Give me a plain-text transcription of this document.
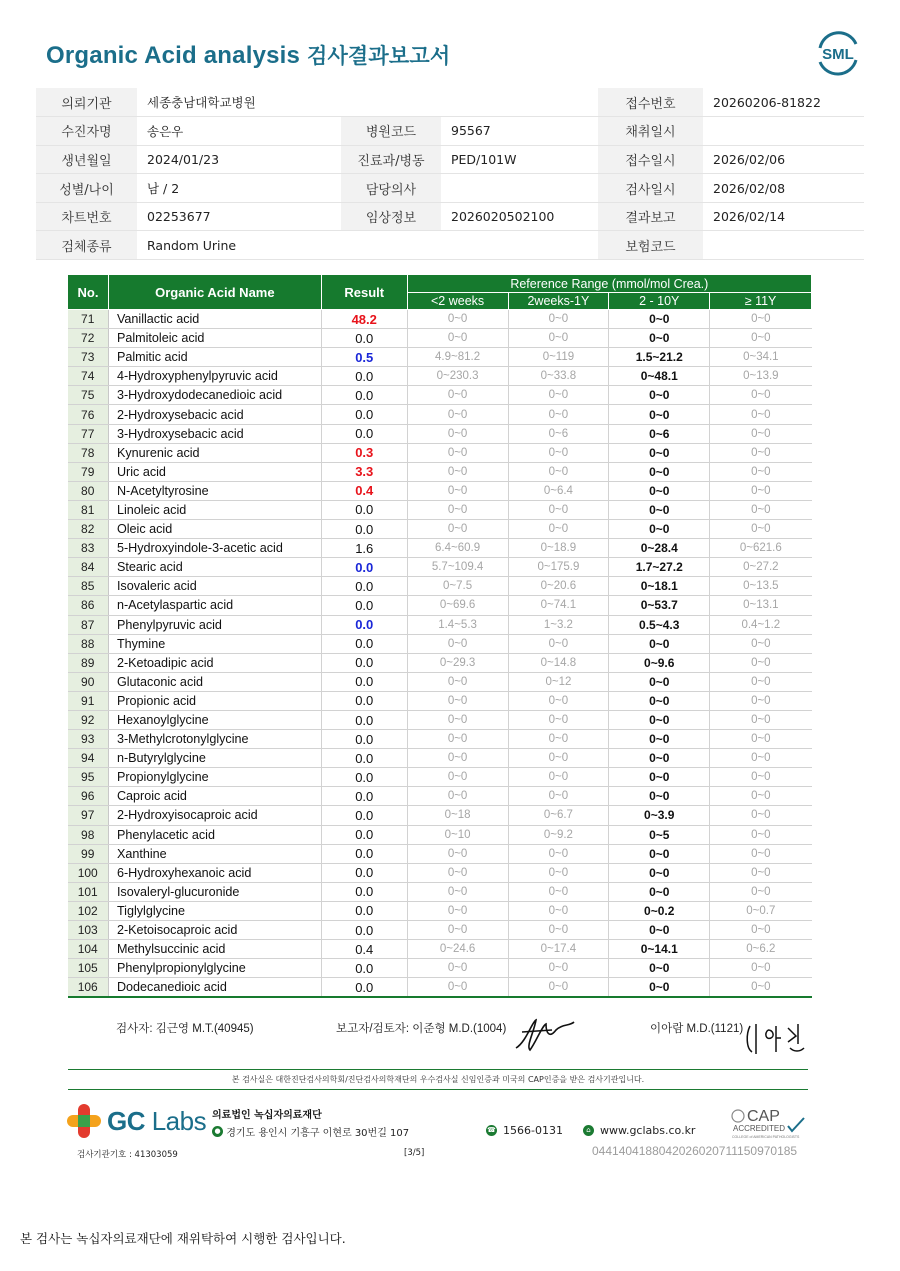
Organic Acid analysis 검사결과보고서	SML
의뢰기관	세종충남대학교병원			접수번호	20260206-81822
수진자명	송은우	병원코드	95567	채취일시	
생년월일	2024/01/23	진료과/병동	PED/101W	접수일시	2026/02/06
성별/나이	남 / 2	담당의사		검사일시	2026/02/08
차트번호	02253677	임상정보	2026020502100	결과보고	2026/02/14
검체종류	Random Urine			보험코드	
No.	Organic Acid Name	Result	Reference Range (mmol/mol Crea.)			
			<2 weeks	2weeks-1Y	2 - 10Y	≥ 11Y
71	Vanillactic acid	48.2	0~0	0~0	0~0	0~0
72	Palmitoleic acid	0.0	0~0	0~0	0~0	0~0
73	Palmitic acid	0.5	4.9~81.2	0~119	1.5~21.2	0~34.1
74	4-Hydroxyphenylpyruvic acid	0.0	0~230.3	0~33.8	0~48.1	0~13.9
75	3-Hydroxydodecanedioic acid	0.0	0~0	0~0	0~0	0~0
76	2-Hydroxysebacic acid	0.0	0~0	0~0	0~0	0~0
77	3-Hydroxysebacic acid	0.0	0~0	0~6	0~6	0~0
78	Kynurenic acid	0.3	0~0	0~0	0~0	0~0
79	Uric acid	3.3	0~0	0~0	0~0	0~0
80	N-Acetyltyrosine	0.4	0~0	0~6.4	0~0	0~0
81	Linoleic acid	0.0	0~0	0~0	0~0	0~0
82	Oleic acid	0.0	0~0	0~0	0~0	0~0
83	5-Hydroxyindole-3-acetic acid	1.6	6.4~60.9	0~18.9	0~28.4	0~621.6
84	Stearic acid	0.0	5.7~109.4	0~175.9	1.7~27.2	0~27.2
85	Isovaleric acid	0.0	0~7.5	0~20.6	0~18.1	0~13.5
86	n-Acetylaspartic acid	0.0	0~69.6	0~74.1	0~53.7	0~13.1
87	Phenylpyruvic acid	0.0	1.4~5.3	1~3.2	0.5~4.3	0.4~1.2
88	Thymine	0.0	0~0	0~0	0~0	0~0
89	2-Ketoadipic acid	0.0	0~29.3	0~14.8	0~9.6	0~0
90	Glutaconic acid	0.0	0~0	0~12	0~0	0~0
91	Propionic acid	0.0	0~0	0~0	0~0	0~0
92	Hexanoylglycine	0.0	0~0	0~0	0~0	0~0
93	3-Methylcrotonylglycine	0.0	0~0	0~0	0~0	0~0
94	n-Butyrylglycine	0.0	0~0	0~0	0~0	0~0
95	Propionylglycine	0.0	0~0	0~0	0~0	0~0
96	Caproic acid	0.0	0~0	0~0	0~0	0~0
97	2-Hydroxyisocaproic acid	0.0	0~18	0~6.7	0~3.9	0~0
98	Phenylacetic acid	0.0	0~10	0~9.2	0~5	0~0
99	Xanthine	0.0	0~0	0~0	0~0	0~0
100	6-Hydroxyhexanoic acid	0.0	0~0	0~0	0~0	0~0
101	Isovaleryl-glucuronide	0.0	0~0	0~0	0~0	0~0
102	Tiglylglycine	0.0	0~0	0~0	0~0.2	0~0.7
103	2-Ketoisocaproic acid	0.0	0~0	0~0	0~0	0~0
104	Methylsuccinic acid	0.4	0~24.6	0~17.4	0~14.1	0~6.2
105	Phenylpropionylglycine	0.0	0~0	0~0	0~0	0~0
106	Dodecanedioic acid	0.0	0~0	0~0	0~0	0~0
검사자: 김근영 M.T.(40945)	보고자/검토자: 이준형 M.D.(1004)	이아람 M.D.(1121)
본 검사실은 대한진단검사의학회/진단검사의학재단의 우수검사실 신임인증과 미국의 CAP인증을 받은 검사기관입니다.
GC Labs 의료법인 녹십자의료재단
●
경기도 용인시 기흥구 이현로 30번길 107	☎ 1566-0131	⌂ www.gclabs.co.kr
CAP
ACCREDITED
COLLEGE of AMERICAN PATHOLOGISTS
검사기관기호 : 41303059	[3/5]	0441404188042026020711150970185
본 검사는 녹십자의료재단에 재위탁하여 시행한 검사입니다.
